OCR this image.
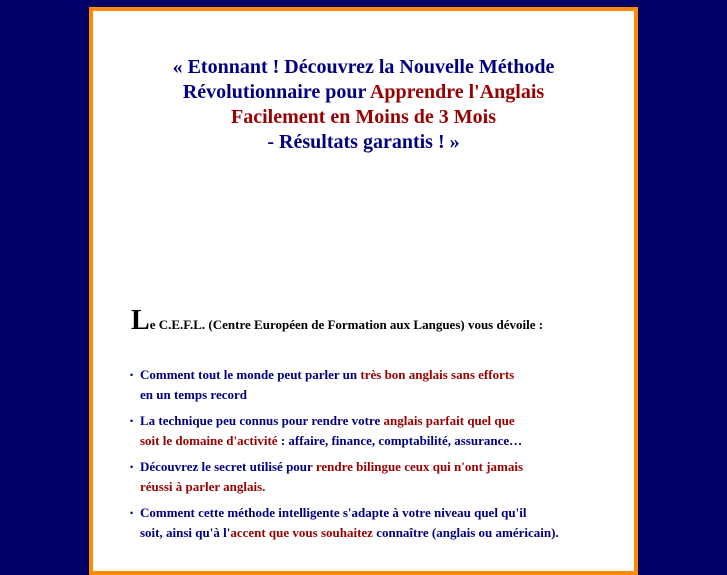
« Etonnant ! Découvrez la Nouvelle Méthode
Révolutionnaire pour Apprendre l'Anglais
Facilement en Moins de 3 Mois
- Résultats garantis ! »
Le C.E.F.L. (Centre Européen de Formation aux Langues) vous dévoile :
• Comment tout le monde peut parler un très bon anglais sans efforts
en un temps record
• La technique peu connus pour rendre votre anglais parfait quel que
soit le domaine d'activité : affaire, finance, comptabilité, assurance…
• Découvrez le secret utilisé pour rendre bilingue ceux qui n'ont jamais
réussi à parler anglais.
• Comment cette méthode intelligente s'adapte à votre niveau quel qu'il
soit, ainsi qu'à l'accent que vous souhaitez connaître (anglais ou américain).
